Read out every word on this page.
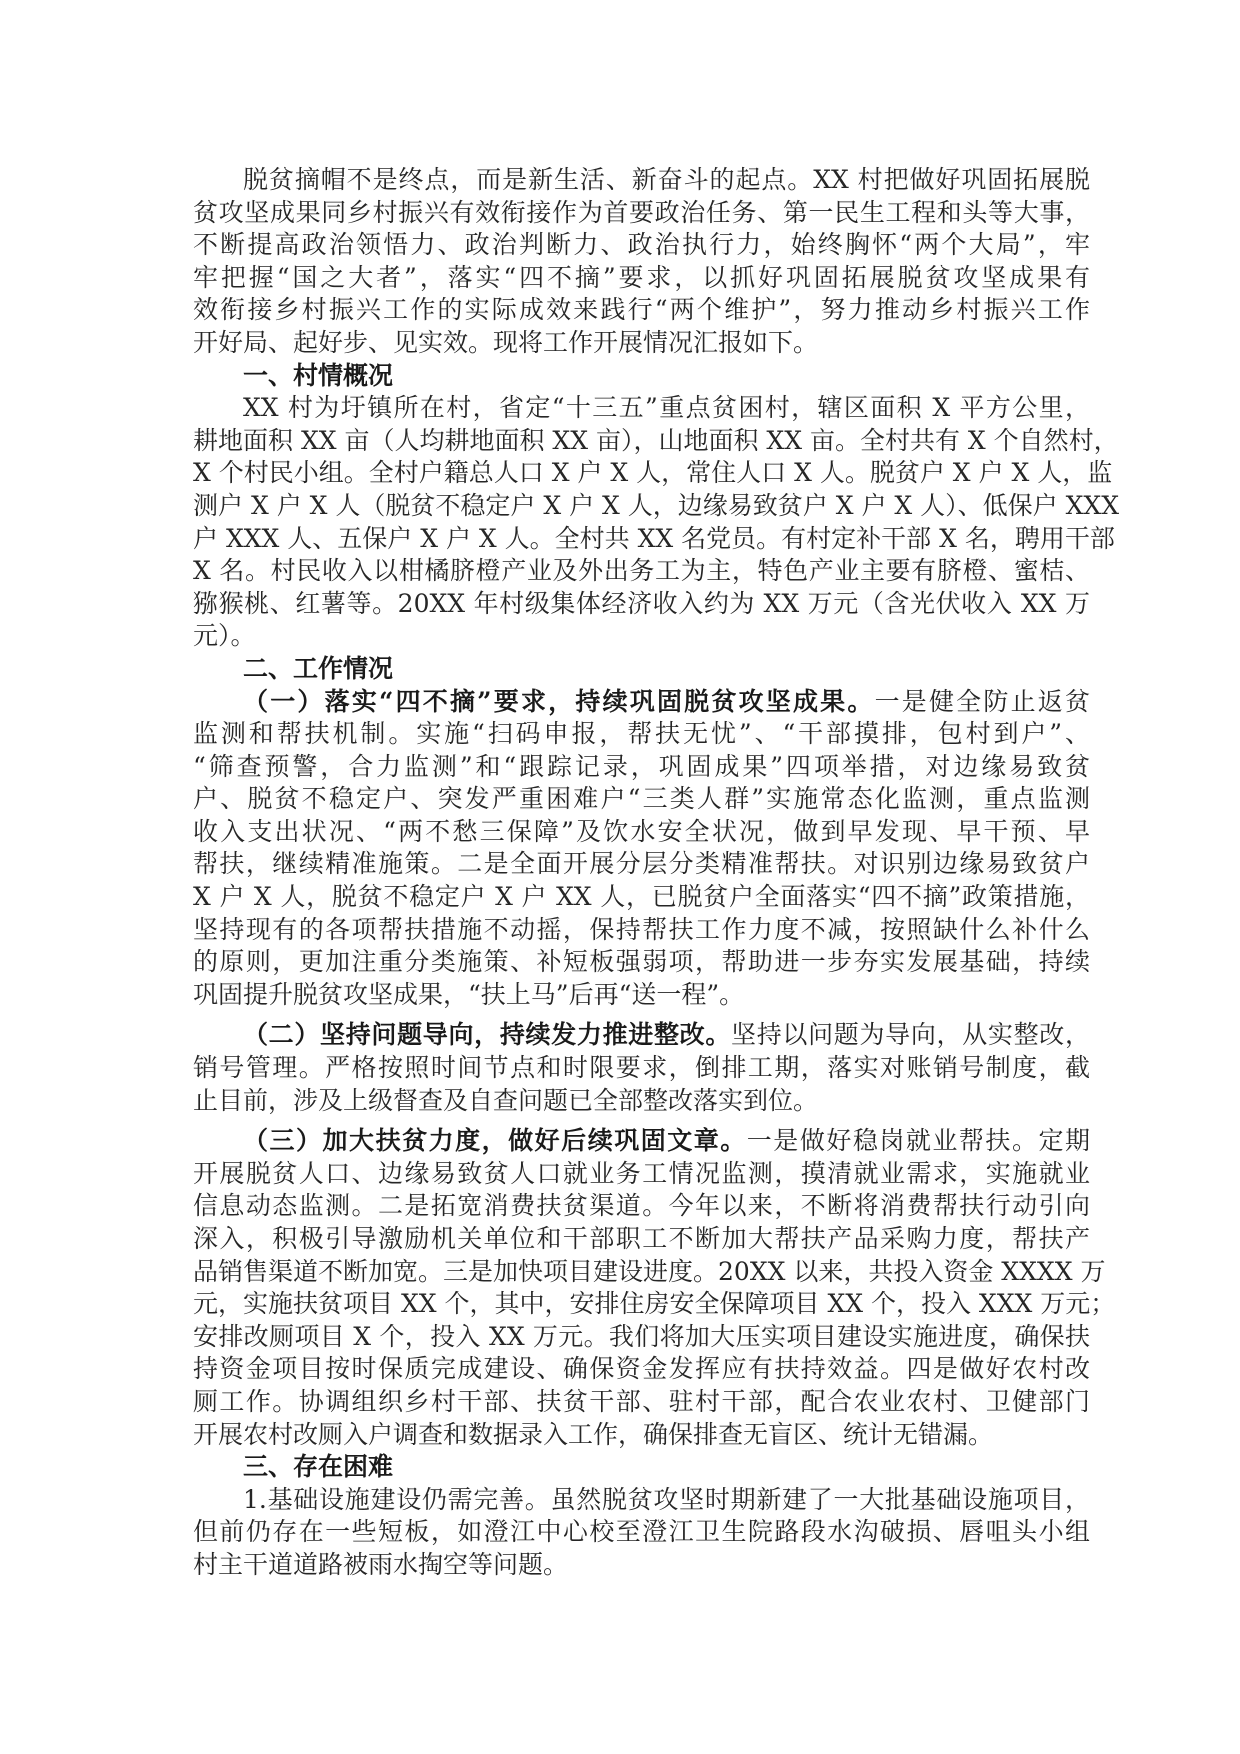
脱贫摘帽不是终点，而是新生活、新奋斗的起点。XX 村把做好巩固拓展脱
贫攻坚成果同乡村振兴有效衔接作为首要政治任务、第一民生工程和头等大事，
不断提高政治领悟力、政治判断力、政治执行力，始终胸怀“两个大局”，牢
牢把握“国之大者”，落实“四不摘”要求，以抓好巩固拓展脱贫攻坚成果有
效衔接乡村振兴工作的实际成效来践行“两个维护”，努力推动乡村振兴工作
开好局、起好步、见实效。现将工作开展情况汇报如下。
一、村情概况
XX 村为圩镇所在村，省定“十三五”重点贫困村，辖区面积 X 平方公里，
耕地面积 XX 亩（人均耕地面积 XX 亩），山地面积 XX 亩。全村共有 X 个自然村，
X 个村民小组。全村户籍总人口 X 户 X 人，常住人口 X 人。脱贫户 X 户 X 人，监
测户 X 户 X 人（脱贫不稳定户 X 户 X 人，边缘易致贫户 X 户 X 人）、低保户 XXX
户 XXX 人、五保户 X 户 X 人。全村共 XX 名党员。有村定补干部 X 名，聘用干部
X 名。村民收入以柑橘脐橙产业及外出务工为主，特色产业主要有脐橙、蜜桔、
猕猴桃、红薯等。20XX 年村级集体经济收入约为 XX 万元（含光伏收入 XX 万
元）。
二、工作情况
（一）落实“四不摘”要求，持续巩固脱贫攻坚成果。一是健全防止返贫
监测和帮扶机制。实施“扫码申报，帮扶无忧”、“干部摸排，包村到户”、
“筛查预警，合力监测”和“跟踪记录，巩固成果”四项举措，对边缘易致贫
户、脱贫不稳定户、突发严重困难户“三类人群”实施常态化监测，重点监测
收入支出状况、“两不愁三保障”及饮水安全状况，做到早发现、早干预、早
帮扶，继续精准施策。二是全面开展分层分类精准帮扶。对识别边缘易致贫户
X 户 X 人，脱贫不稳定户 X 户 XX 人，已脱贫户全面落实“四不摘”政策措施，
坚持现有的各项帮扶措施不动摇，保持帮扶工作力度不减，按照缺什么补什么
的原则，更加注重分类施策、补短板强弱项，帮助进一步夯实发展基础，持续
巩固提升脱贫攻坚成果，“扶上马”后再“送一程”。
（二）坚持问题导向，持续发力推进整改。坚持以问题为导向，从实整改，
销号管理。严格按照时间节点和时限要求，倒排工期，落实对账销号制度，截
止目前，涉及上级督查及自查问题已全部整改落实到位。
（三）加大扶贫力度，做好后续巩固文章。一是做好稳岗就业帮扶。定期
开展脱贫人口、边缘易致贫人口就业务工情况监测，摸清就业需求，实施就业
信息动态监测。二是拓宽消费扶贫渠道。今年以来，不断将消费帮扶行动引向
深入，积极引导激励机关单位和干部职工不断加大帮扶产品采购力度，帮扶产
品销售渠道不断加宽。三是加快项目建设进度。20XX 以来，共投入资金 XXXX 万
元，实施扶贫项目 XX 个，其中，安排住房安全保障项目 XX 个，投入 XXX 万元；
安排改厕项目 X 个，投入 XX 万元。我们将加大压实项目建设实施进度，确保扶
持资金项目按时保质完成建设、确保资金发挥应有扶持效益。四是做好农村改
厕工作。协调组织乡村干部、扶贫干部、驻村干部，配合农业农村、卫健部门
开展农村改厕入户调查和数据录入工作，确保排查无盲区、统计无错漏。
三、存在困难
1.基础设施建设仍需完善。虽然脱贫攻坚时期新建了一大批基础设施项目，
但前仍存在一些短板，如澄江中心校至澄江卫生院路段水沟破损、唇咀头小组
村主干道道路被雨水掏空等问题。
